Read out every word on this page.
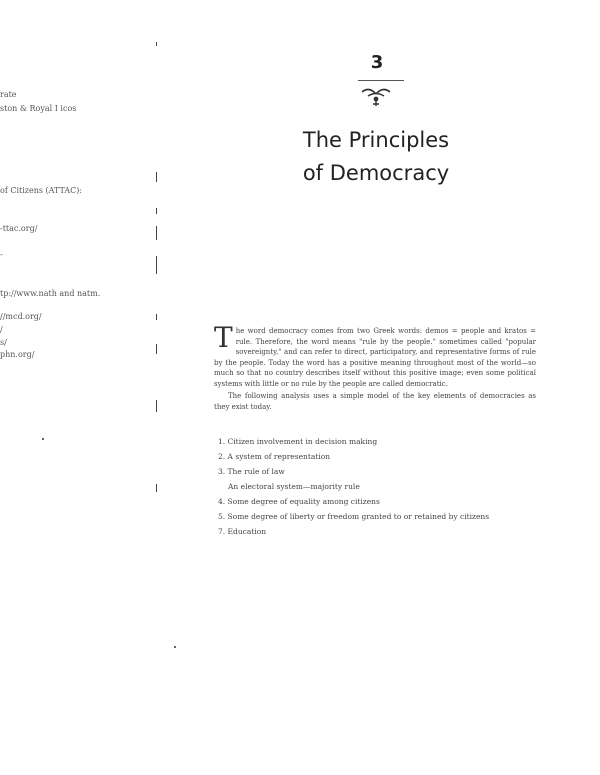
rate
ston & Royal I icos
of Citizens (ATTAC):
-ttac.org/
-
tp://www.nath and natm.
//mcd.org/
/
s/
phn.org/
3
The Principles
of Democracy

The word democracy comes from two Greek words: demos = people and kratos = rule. Therefore, the word means "rule by the people." sometimes called "popular sovereignty," and can refer to direct, participatory, and representative forms of rule by the people. Today the word has a positive meaning throughout most of the world—so much so that no country describes itself without this positive image; even some political systems with little or no rule by the people are called democratic.

The following analysis uses a simple model of the key elements of democracies as they exist today.

1. Citizen involvement in decision making
2. A system of representation
3. The rule of law
An electoral system—majority rule
4. Some degree of equality among citizens
5. Some degree of liberty or freedom granted to or retained by citizens
7. Education
